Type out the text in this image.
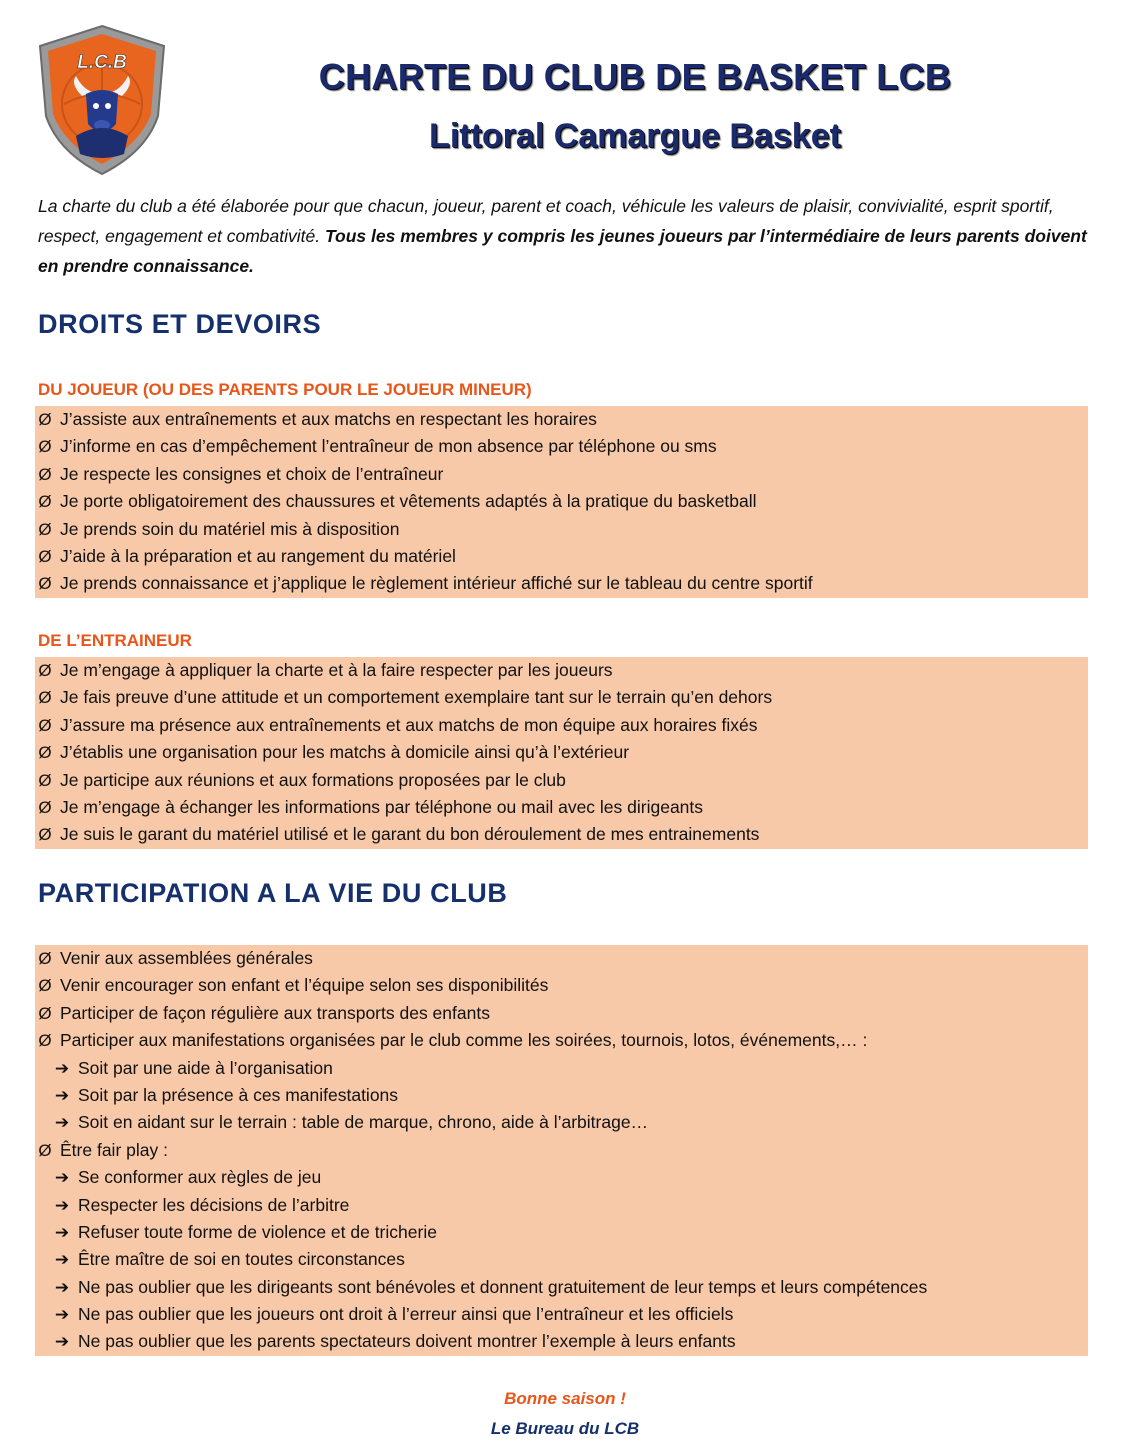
L.C.B	CHARTE DU CLUB DE BASKET LCB
Littoral Camargue Basket
La charte du club a été élaborée pour que chacun, joueur, parent et coach, véhicule les valeurs de plaisir, convivialité, esprit sportif, respect, engagement et combativité. Tous les membres y compris les jeunes joueurs par l’intermédiaire de leurs parents doivent en prendre connaissance.
DROITS ET DEVOIRS
DU JOUEUR (OU DES PARENTS POUR LE JOUEUR MINEUR)
Ø J’assiste aux entraînements et aux matchs en respectant les horaires
Ø J’informe en cas d’empêchement l’entraîneur de mon absence par téléphone ou sms
Ø Je respecte les consignes et choix de l’entraîneur
Ø Je porte obligatoirement des chaussures et vêtements adaptés à la pratique du basketball
Ø Je prends soin du matériel mis à disposition
Ø J’aide à la préparation et au rangement du matériel
Ø Je prends connaissance et j’applique le règlement intérieur affiché sur le tableau du centre sportif
DE L’ENTRAINEUR
Ø Je m’engage à appliquer la charte et à la faire respecter par les joueurs
Ø Je fais preuve d’une attitude et un comportement exemplaire tant sur le terrain qu’en dehors
Ø J’assure ma présence aux entraînements et aux matchs de mon équipe aux horaires fixés
Ø J’établis une organisation pour les matchs à domicile ainsi qu’à l’extérieur
Ø Je participe aux réunions et aux formations proposées par le club
Ø Je m’engage à échanger les informations par téléphone ou mail avec les dirigeants
Ø Je suis le garant du matériel utilisé et le garant du bon déroulement de mes entrainements
PARTICIPATION A LA VIE DU CLUB
Ø Venir aux assemblées générales
Ø Venir encourager son enfant et l’équipe selon ses disponibilités
Ø Participer de façon régulière aux transports des enfants
Ø Participer aux manifestations organisées par le club comme les soirées, tournois, lotos, événements,… :
➔ Soit par une aide à l’organisation
➔ Soit par la présence à ces manifestations
➔ Soit en aidant sur le terrain : table de marque, chrono, aide à l’arbitrage…
Ø Être fair play :
➔ Se conformer aux règles de jeu
➔ Respecter les décisions de l’arbitre
➔ Refuser toute forme de violence et de tricherie
➔ Être maître de soi en toutes circonstances
➔ Ne pas oublier que les dirigeants sont bénévoles et donnent gratuitement de leur temps et leurs compétences
➔ Ne pas oublier que les joueurs ont droit à l’erreur ainsi que l’entraîneur et les officiels
➔ Ne pas oublier que les parents spectateurs doivent montrer l’exemple à leurs enfants
Bonne saison !
Le Bureau du LCB
